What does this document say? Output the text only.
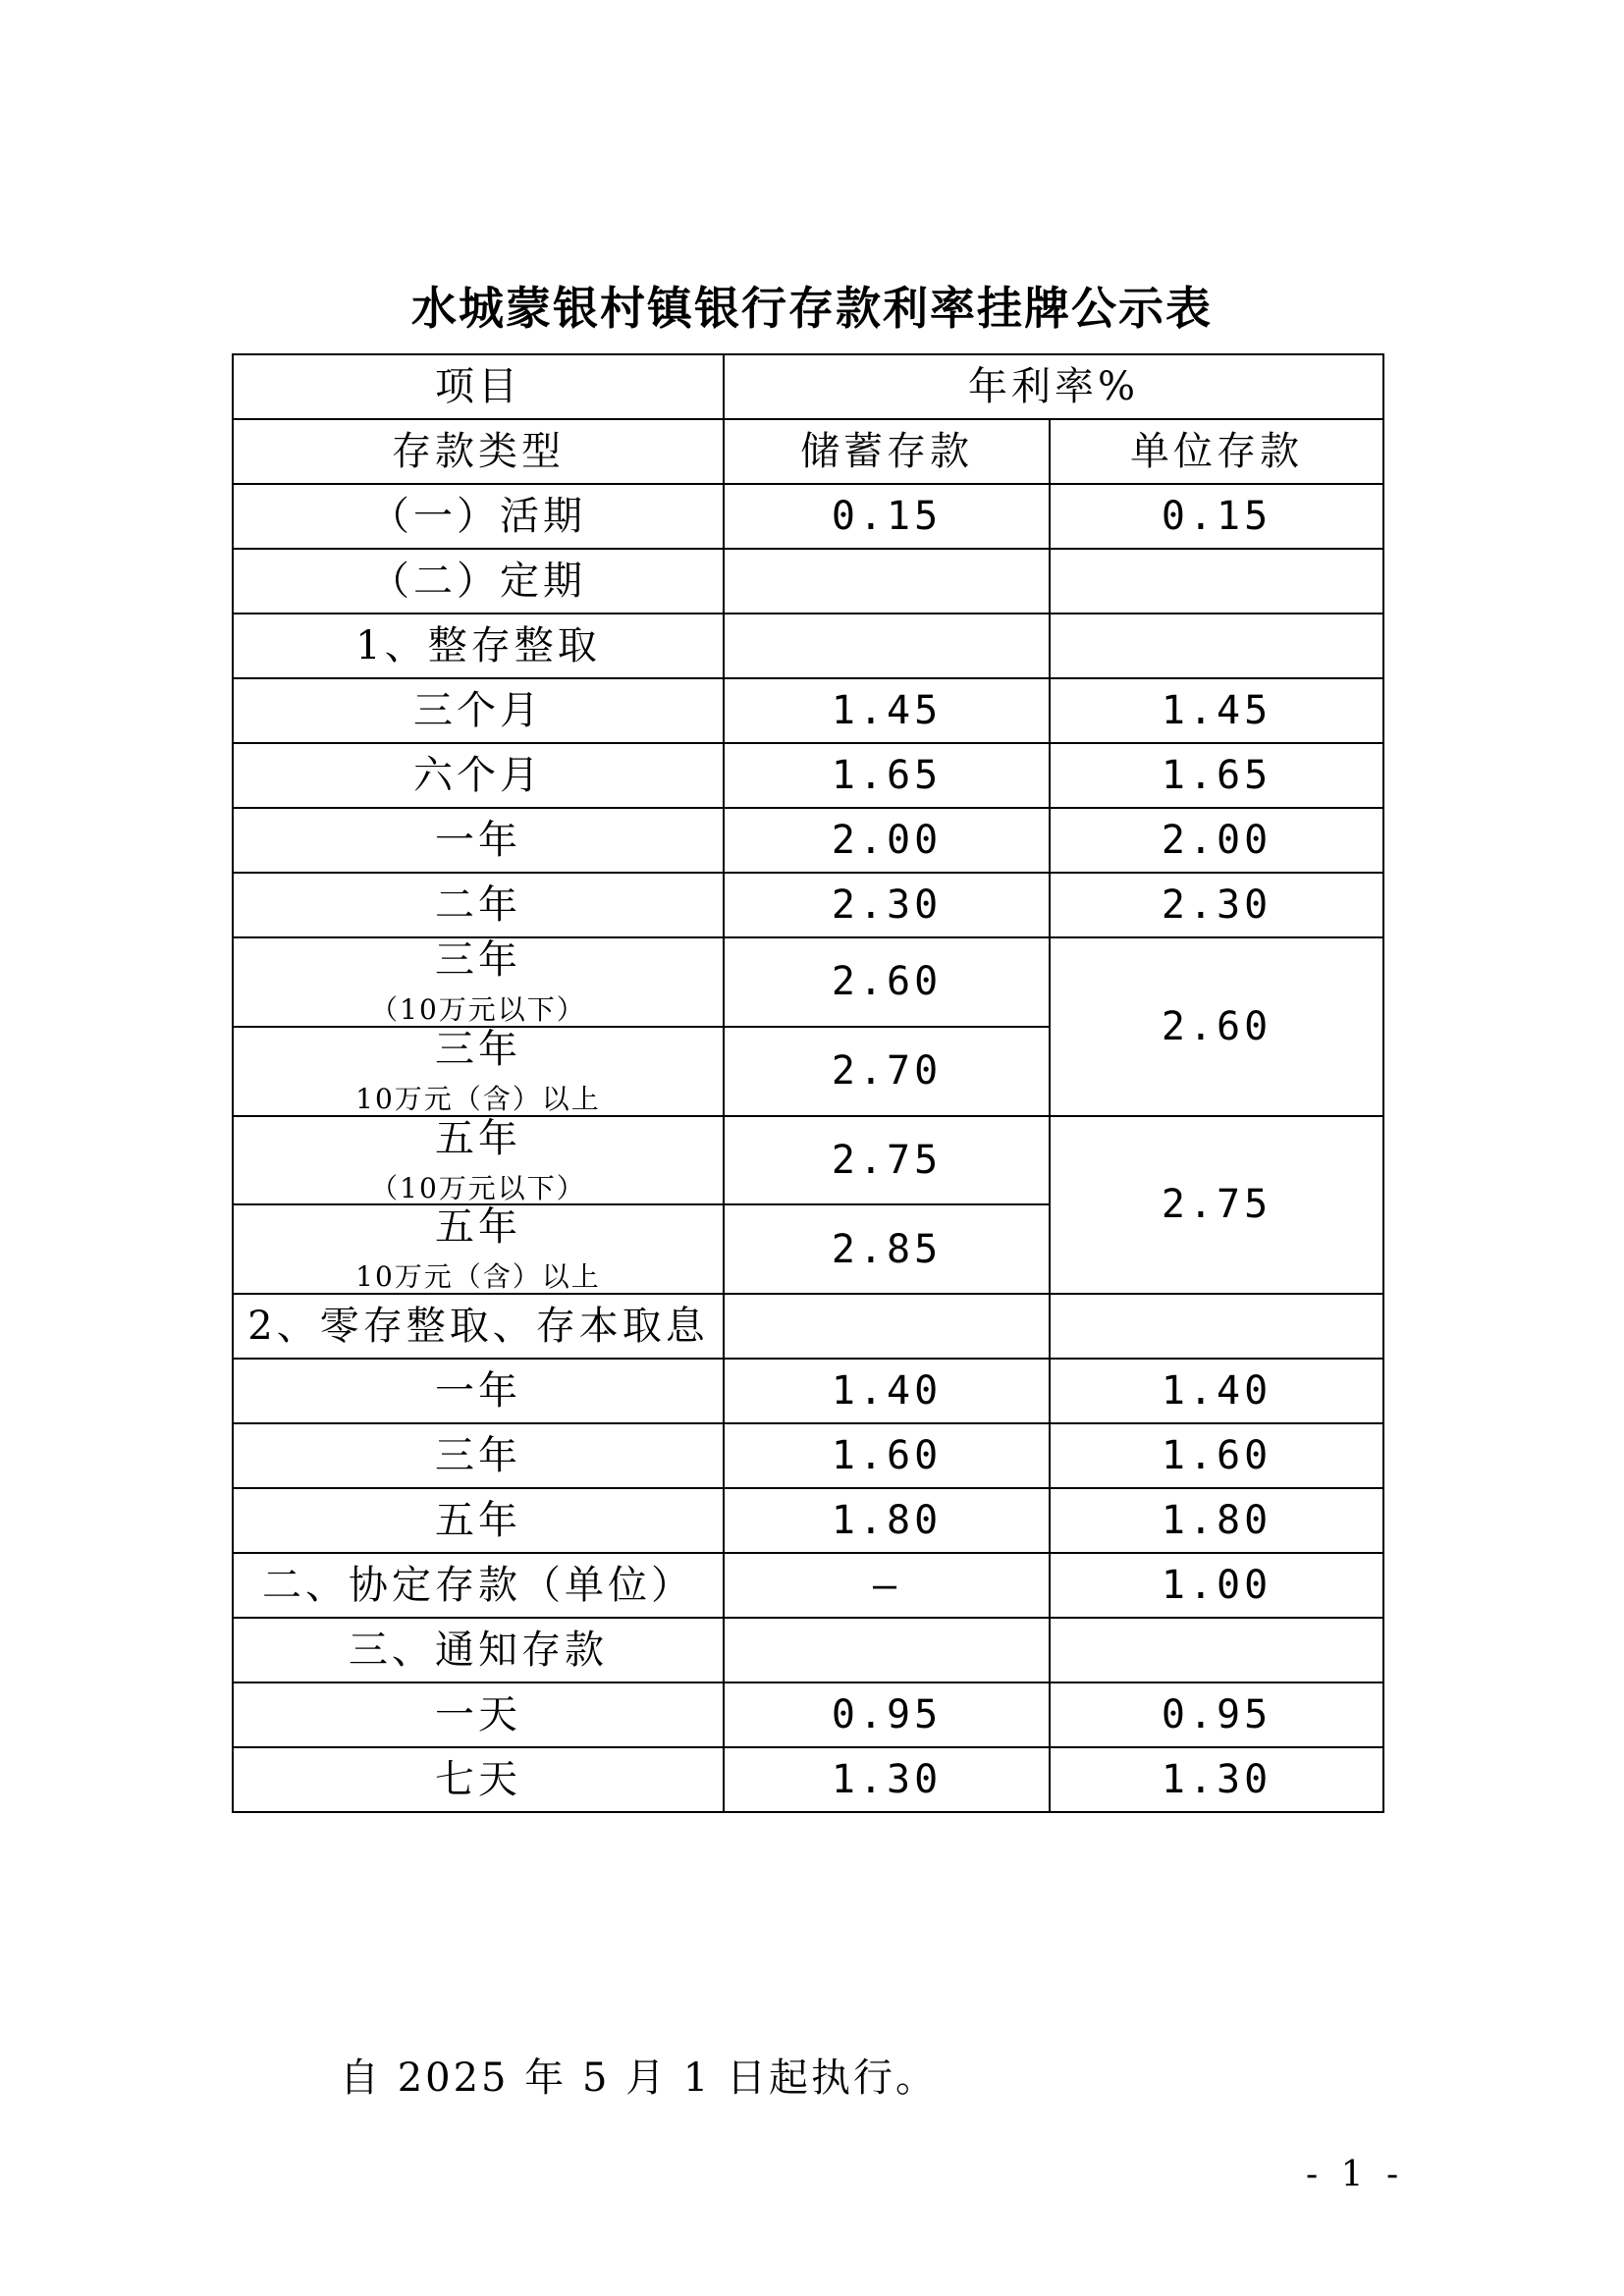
水城蒙银村镇银行存款利率挂牌公示表
项目	年利率%	
存款类型	储蓄存款	单位存款
（一）活期	0.15	0.15
（二）定期		
1、整存整取		
三个月	1.45	1.45
六个月	1.65	1.65
一年	2.00	2.00
二年	2.30	2.30

三年
（10万元以下）	2.60	2.60

三年
10万元（含）以上	2.70	

五年
（10万元以下）	2.75	2.75

五年
10万元（含）以上	2.85	
2、零存整取、存本取息		
一年	1.40	1.40
三年	1.60	1.60
五年	1.80	1.80
二、协定存款（单位）	—	1.00
三、通知存款		
一天	0.95	0.95
七天	1.30	1.30
自 2025 年 5 月 1 日起执行。
- 1 -
